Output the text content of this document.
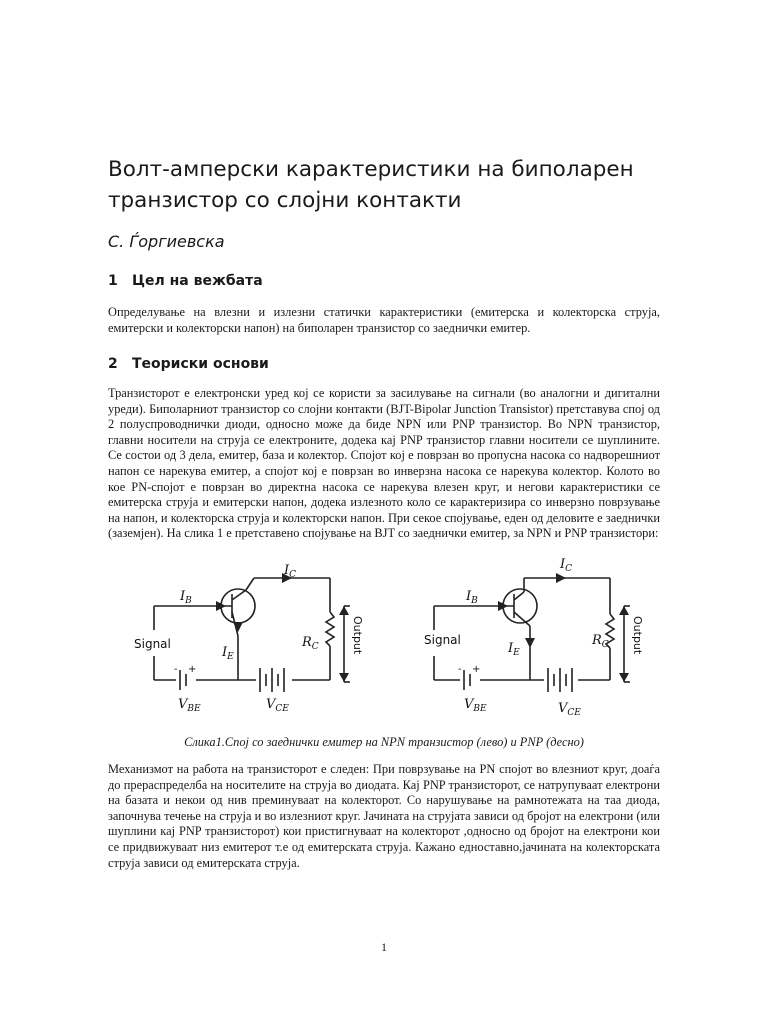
Волт-амперски карактеристики на биполарен транзистор со слојни контакти

С. Ѓоргиевска

1 Цел на вежбата

Определување на влезни и излезни статички карактеристики (емитерска и колекторска струја, емитерски и колекторски напон) на биполарен транзистор со заеднички емитер.

2 Теориски основи

Транзисторот е електронски уред кој се користи за засилување на сигнали (во аналогни и дигитални уреди). Биполарниот транзистор со слојни контакти (BJT-Bipolar Junction Transistor) претставува спој од 2 полуспроводнички диоди, односно може да биде NPN или PNP транзистор. Во NPN транзистор, главни носители на струја се електроните, додека кај PNP транзистор главни носители се шуплините. Се состои од 3 дела, емитер, база и колектор. Спојот кој е поврзан во пропусна насока со надворешниот напон се нарекува емитер, а спојот кој е поврзан во инверзна насока се нарекува колектор. Колото во кое PN-спојот е поврзан во директна насока се нарекува влезен круг, и негови карактеристики се емитерска струја и емитерски напон, додека излезното коло се карактеризира со инверзно поврзување на напон, и колекторска струја и колекторски напон. При секое спојување, еден од деловите е заеднички (заземјен). На слика 1 е претставено спојување на BJT со заеднички емитер, за NPN и PNP транзистори:

$I_C$
$I_B$
$I_E$
$R_C$
$V_{BE}$	$V_{CE}$
Signal	Output
- +
$I_C$
$I_B$
$I_E$
$R_C$
$V_{BE}$	$V_{CE}$
Signal	Output
- +

Слика1.Спој со заеднички емитер на NPN транзистор (лево) и PNP (десно)

Механизмот на работа на транзисторот е следен: При поврзување на PN спојот во влезниот круг, доаѓа до прераспределба на носителите на струја во диодата. Кај PNP транзисторот, се натрупуваат електрони на базата и некои од нив преминуваат на колекторот. Со нарушување на рамнотежата на таа диода, започнува течење на струја и во излезниот круг. Јачината на струјата зависи од бројот на електрони (или шуплини кај PNP транзисторот) кои пристигнуваат на колекторот ,односно од бројот на електрони кои се придвижуваат низ емитерот т.е од емитерската струја. Кажано едноставно,јачината на колекторската струја зависи од емитерската струја.

1
